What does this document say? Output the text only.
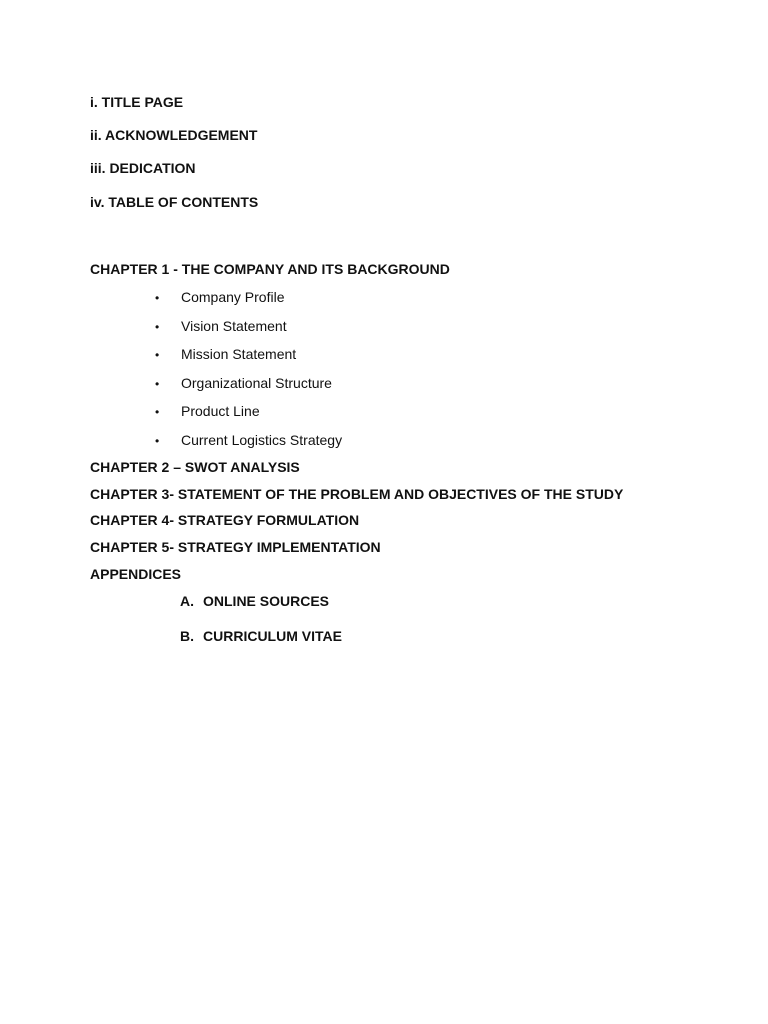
i. TITLE PAGE
ii. ACKNOWLEDGEMENT
iii. DEDICATION
iv. TABLE OF CONTENTS
CHAPTER 1 - THE COMPANY AND ITS BACKGROUND
• Company Profile
• Vision Statement
• Mission Statement
• Organizational Structure
• Product Line
• Current Logistics Strategy
CHAPTER 2 – SWOT ANALYSIS
CHAPTER 3- STATEMENT OF THE PROBLEM AND OBJECTIVES OF THE STUDY
CHAPTER 4- STRATEGY FORMULATION
CHAPTER 5- STRATEGY IMPLEMENTATION
APPENDICES
A. ONLINE SOURCES
B. CURRICULUM VITAE
